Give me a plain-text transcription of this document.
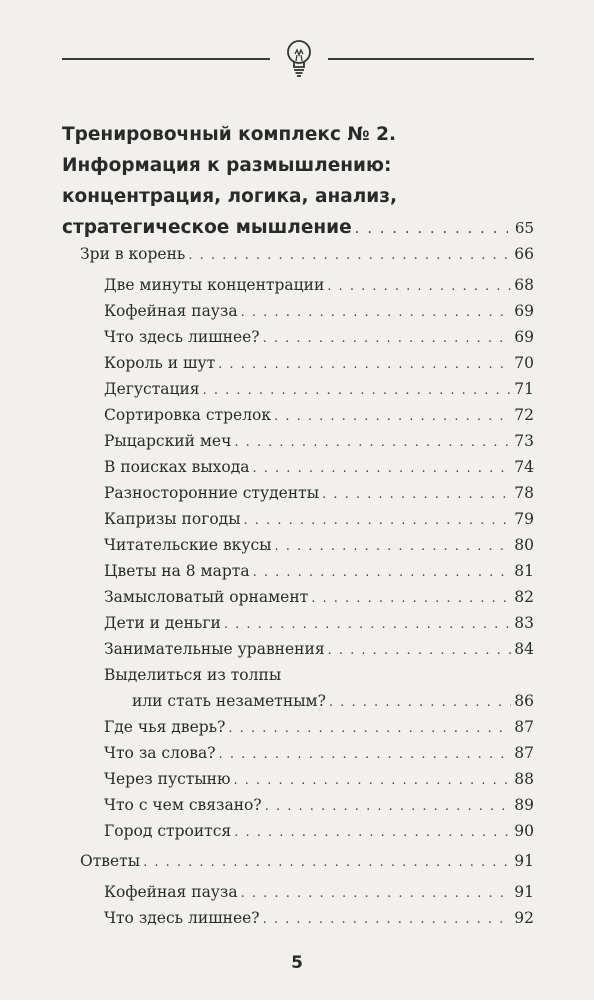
Тренировочный комплекс № 2.
Информация к размышлению:
концентрация, логика, анализ,
стратегическое мышление . . .	65
Зри в корень . . .	66
Две минуты концентрации . . .	68
Кофейная пауза . . .	69
Что здесь лишнее? . . .	69
Король и шут . . .	70
Дегустация . . .	71
Сортировка стрелок . . .	72
Рыцарский меч . . .	73
В поисках выхода . . .	74
Разносторонние студенты . . .	78
Капризы погоды . . .	79
Читательские вкусы . . .	80
Цветы на 8 марта . . .	81
Замысловатый орнамент . . .	82
Дети и деньги . . .	83
Занимательные уравнения . . .	84
Выделиться из толпы
или стать незаметным? . . .	86
Где чья дверь? . . .	87
Что за слова? . . .	87
Через пустыню . . .	88
Что с чем связано? . . .	89
Город строится . . .	90
Ответы . . .	91
Кофейная пауза . . .	91
Что здесь лишнее? . . .	92
5
